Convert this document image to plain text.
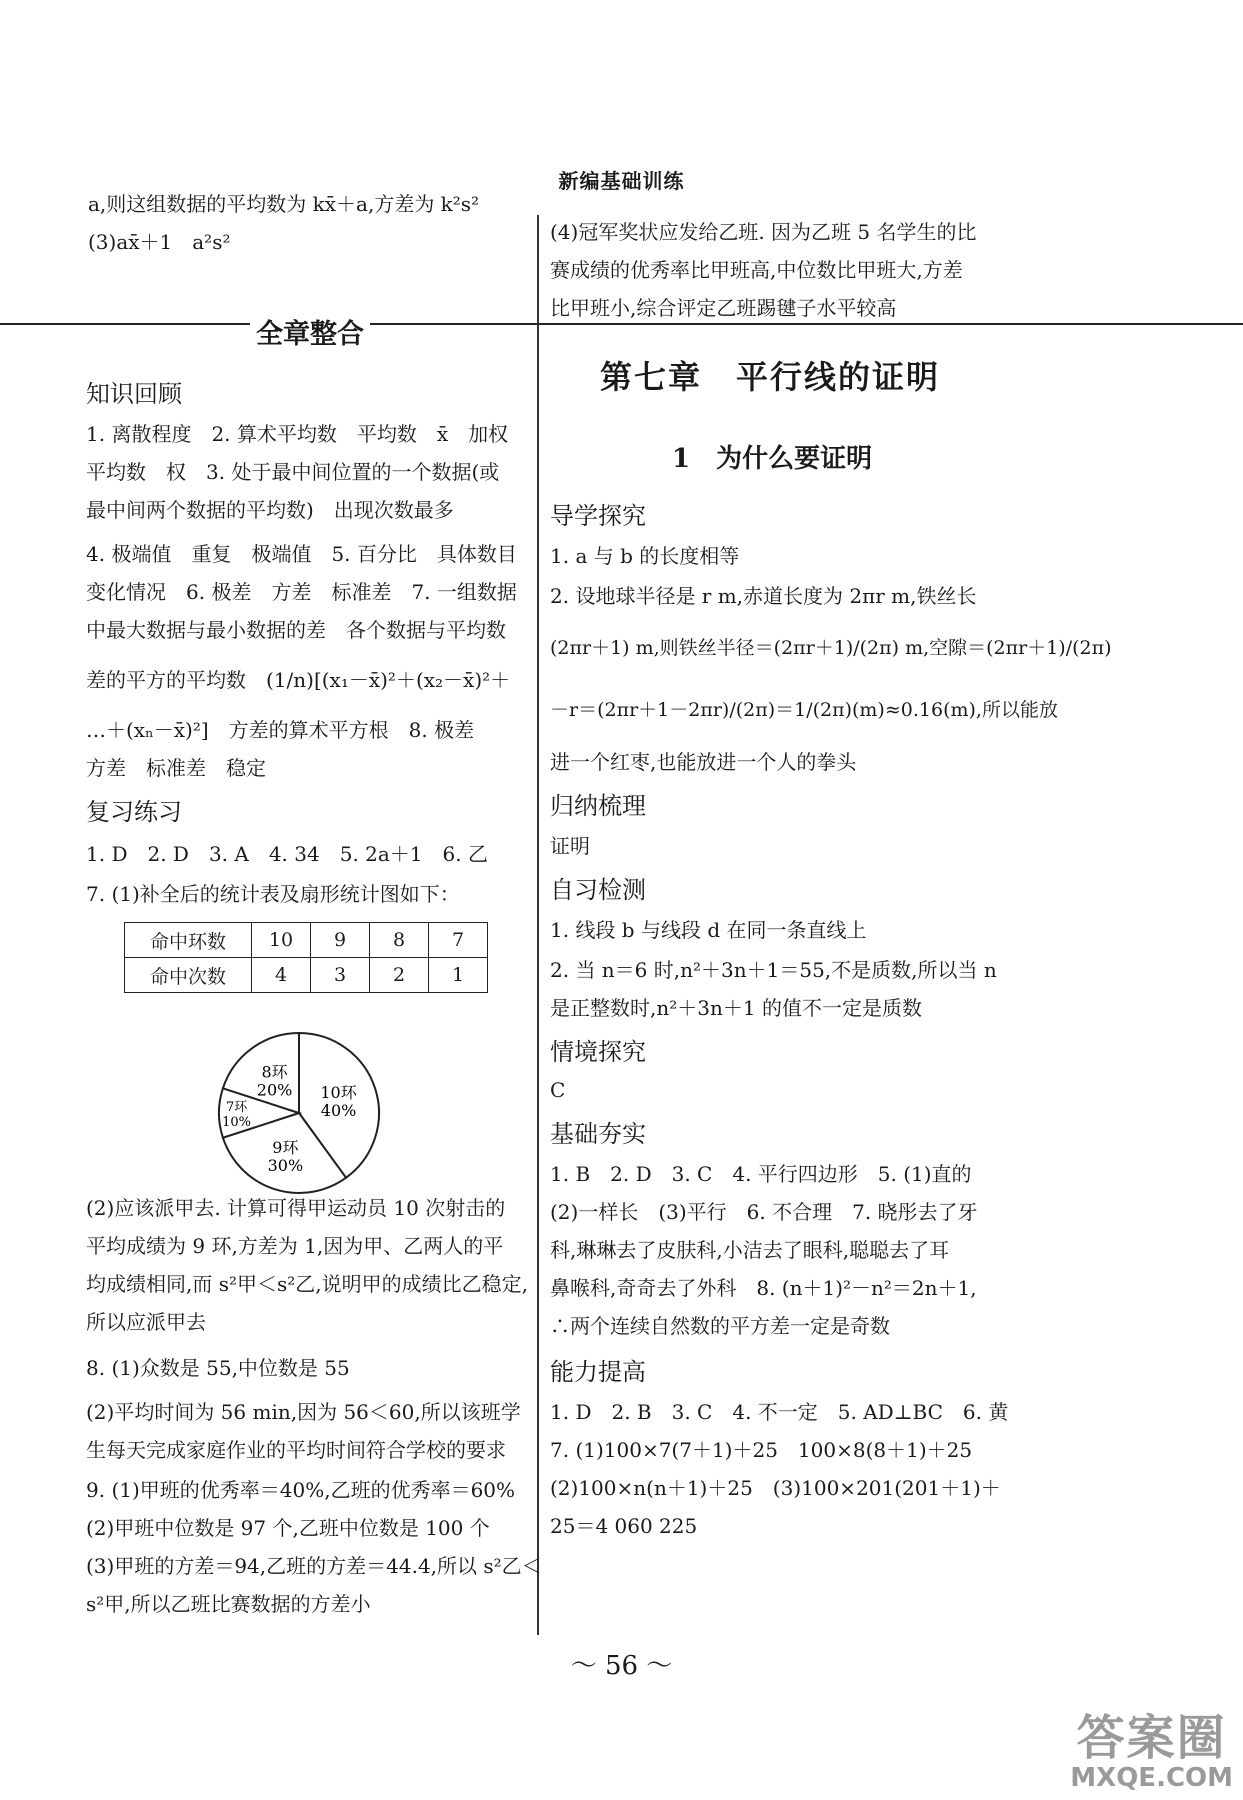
新编基础训练
a,则这组数据的平均数为 kx̄＋a,方差为 k²s²
(3)ax̄＋1　a²s²	(4)冠军奖状应发给乙班. 因为乙班 5 名学生的比
赛成绩的优秀率比甲班高,中位数比甲班大,方差
比甲班小,综合评定乙班踢毽子水平较高
全章整合
知识回顾
1. 离散程度　2. 算术平均数　平均数　x̄　加权
平均数　权　3. 处于最中间位置的一个数据(或
最中间两个数据的平均数)　出现次数最多
4. 极端值　重复　极端值　5. 百分比　具体数目
变化情况　6. 极差　方差　标准差　7. 一组数据
中最大数据与最小数据的差　各个数据与平均数
差的平方的平均数　(1/n)[(x₁－x̄)²＋(x₂－x̄)²＋
…＋(xₙ－x̄)²]　方差的算术平方根　8. 极差
方差　标准差　稳定
复习练习
1. D　2. D　3. A　4. 34　5. 2a＋1　6. 乙
7. (1)补全后的统计表及扇形统计图如下：
命中环数	10	9	8	7
命中次数	4	3	2	1
10环
40%
9环
30%
7环
10%
8环
20%
(2)应该派甲去. 计算可得甲运动员 10 次射击的
平均成绩为 9 环,方差为 1,因为甲、乙两人的平
均成绩相同,而 s²甲＜s²乙,说明甲的成绩比乙稳定,
所以应派甲去
8. (1)众数是 55,中位数是 55
(2)平均时间为 56 min,因为 56＜60,所以该班学
生每天完成家庭作业的平均时间符合学校的要求
9. (1)甲班的优秀率＝40%,乙班的优秀率＝60%
(2)甲班中位数是 97 个,乙班中位数是 100 个
(3)甲班的方差＝94,乙班的方差＝44.4,所以 s²乙＜
s²甲,所以乙班比赛数据的方差小
第七章　平行线的证明
1　为什么要证明
导学探究
1. a 与 b 的长度相等
2. 设地球半径是 r m,赤道长度为 2πr m,铁丝长
(2πr＋1) m,则铁丝半径＝(2πr＋1)/(2π) m,空隙＝(2πr＋1)/(2π)
－r＝(2πr＋1－2πr)/(2π)＝1/(2π)(m)≈0.16(m),所以能放
进一个红枣,也能放进一个人的拳头
归纳梳理
证明
自习检测
1. 线段 b 与线段 d 在同一条直线上
2. 当 n＝6 时,n²＋3n＋1＝55,不是质数,所以当 n
是正整数时,n²＋3n＋1 的值不一定是质数
情境探究
C
基础夯实
1. B　2. D　3. C　4. 平行四边形　5. (1)直的
(2)一样长　(3)平行　6. 不合理　7. 晓彤去了牙
科,琳琳去了皮肤科,小洁去了眼科,聪聪去了耳
鼻喉科,奇奇去了外科　8. (n＋1)²－n²＝2n＋1,
∴两个连续自然数的平方差一定是奇数
能力提高
1. D　2. B　3. C　4. 不一定　5. AD⊥BC　6. 黄
7. (1)100×7(7＋1)＋25　100×8(8＋1)＋25
(2)100×n(n＋1)＋25　(3)100×201(201＋1)＋
25＝4 060 225
～ 56 ～
答案圈
MXQE.COM
